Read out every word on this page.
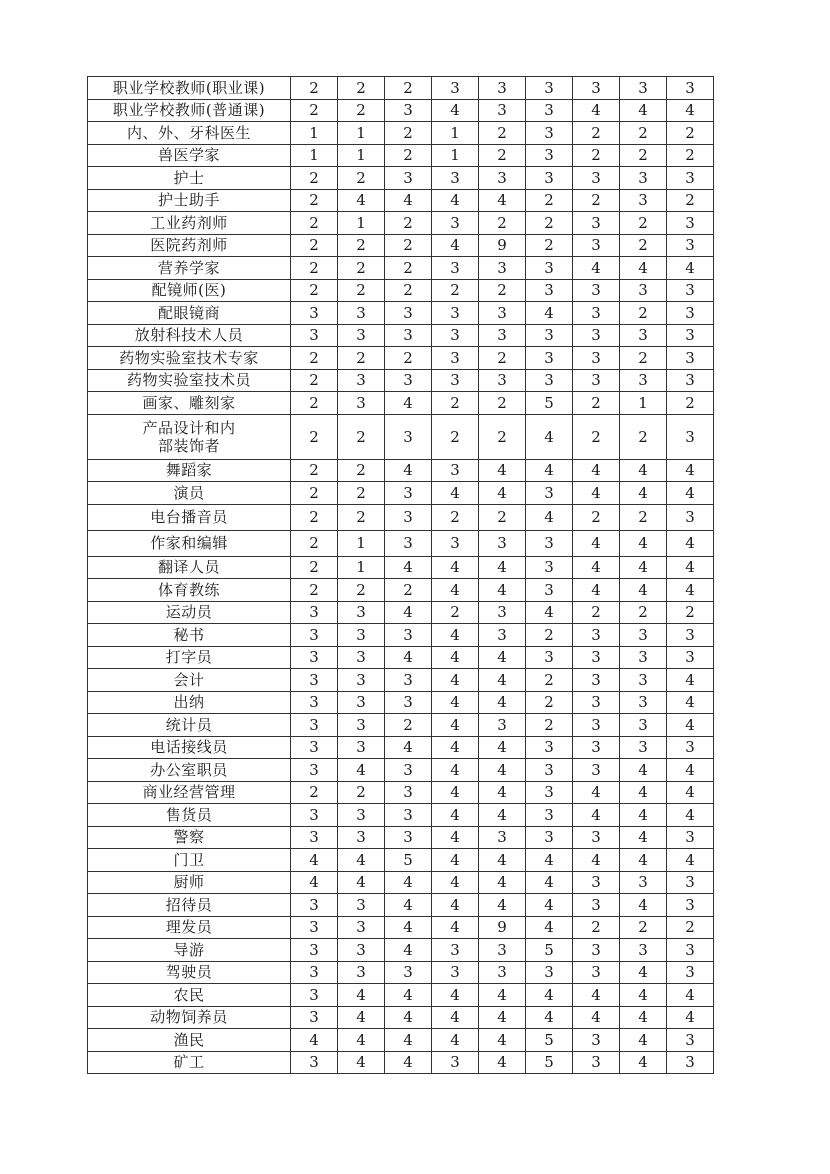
职业学校教师(职业课)	2	2	2	3	3	3	3	3	3
职业学校教师(普通课)	2	2	3	4	3	3	4	4	4
内、外、牙科医生	1	1	2	1	2	3	2	2	2
兽医学家	1	1	2	1	2	3	2	2	2
护士	2	2	3	3	3	3	3	3	3
护士助手	2	4	4	4	4	2	2	3	2
工业药剂师	2	1	2	3	2	2	3	2	3
医院药剂师	2	2	2	4	9	2	3	2	3
营养学家	2	2	2	3	3	3	4	4	4
配镜师(医)	2	2	2	2	2	3	3	3	3
配眼镜商	3	3	3	3	3	4	3	2	3
放射科技术人员	3	3	3	3	3	3	3	3	3
药物实验室技术专家	2	2	2	3	2	3	3	2	3
药物实验室技术员	2	3	3	3	3	3	3	3	3
画家、雕刻家	2	3	4	2	2	5	2	1	2
产品设计和内
部装饰者	2	2	3	2	2	4	2	2	3
舞蹈家	2	2	4	3	4	4	4	4	4
演员	2	2	3	4	4	3	4	4	4
电台播音员	2	2	3	2	2	4	2	2	3
作家和编辑	2	1	3	3	3	3	4	4	4
翻译人员	2	1	4	4	4	3	4	4	4
体育教练	2	2	2	4	4	3	4	4	4
运动员	3	3	4	2	3	4	2	2	2
秘书	3	3	3	4	3	2	3	3	3
打字员	3	3	4	4	4	3	3	3	3
会计	3	3	3	4	4	2	3	3	4
出纳	3	3	3	4	4	2	3	3	4
统计员	3	3	2	4	3	2	3	3	4
电话接线员	3	3	4	4	4	3	3	3	3
办公室职员	3	4	3	4	4	3	3	4	4
商业经营管理	2	2	3	4	4	3	4	4	4
售货员	3	3	3	4	4	3	4	4	4
警察	3	3	3	4	3	3	3	4	3
门卫	4	4	5	4	4	4	4	4	4
厨师	4	4	4	4	4	4	3	3	3
招待员	3	3	4	4	4	4	3	4	3
理发员	3	3	4	4	9	4	2	2	2
导游	3	3	4	3	3	5	3	3	3
驾驶员	3	3	3	3	3	3	3	4	3
农民	3	4	4	4	4	4	4	4	4
动物饲养员	3	4	4	4	4	4	4	4	4
渔民	4	4	4	4	4	5	3	4	3
矿工	3	4	4	3	4	5	3	4	3
